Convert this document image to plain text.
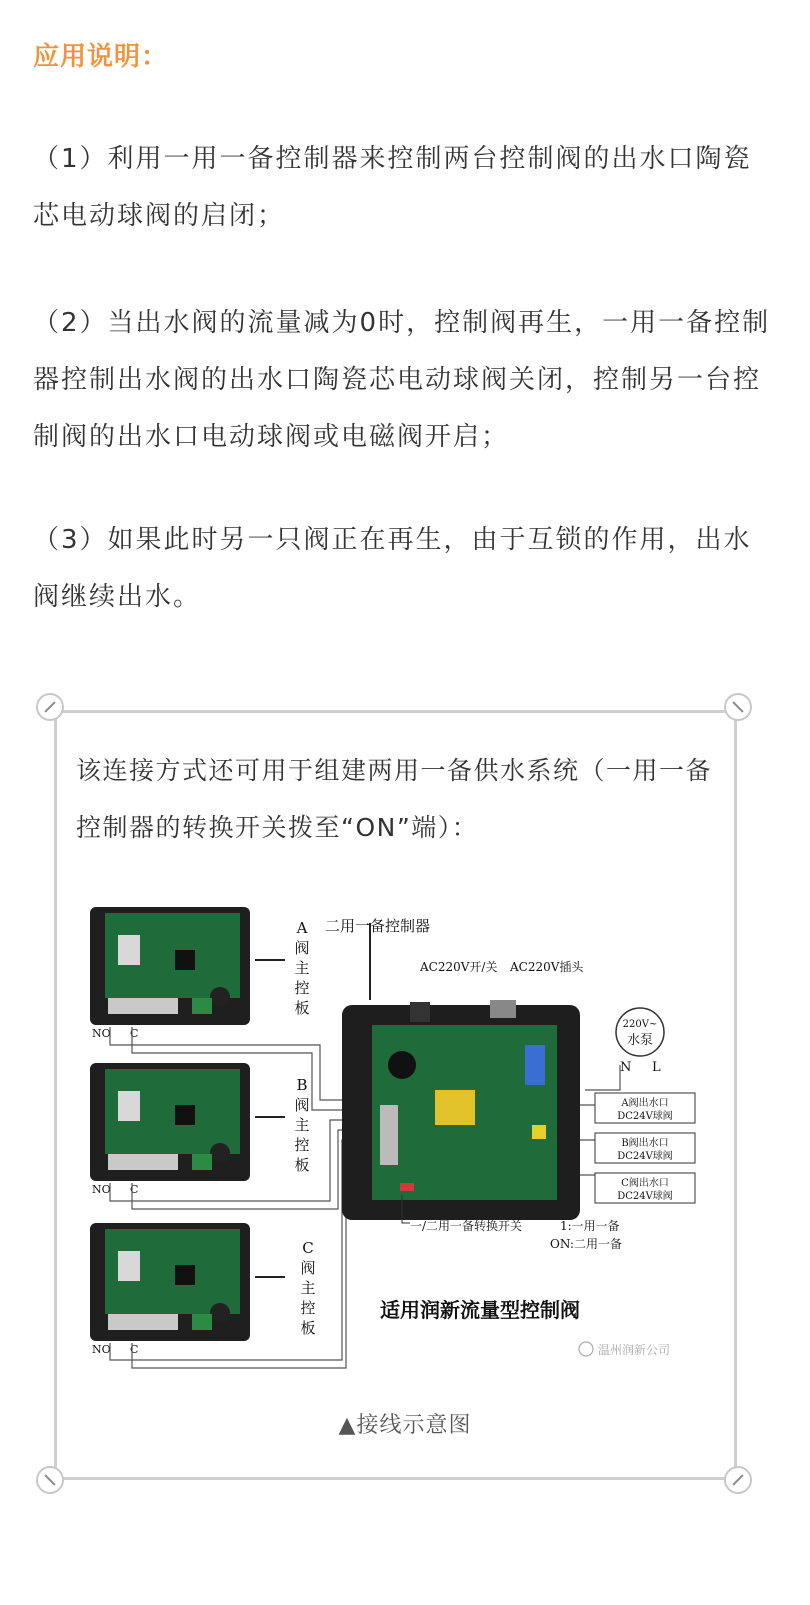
应用说明：
（1）利用一用一备控制器来控制两台控制阀的出水口陶瓷芯电动球阀的启闭；
（2）当出水阀的流量减为0时，控制阀再生，一用一备控制器控制出水阀的出水口陶瓷芯电动球阀关闭，控制另一台控制阀的出水口电动球阀或电磁阀开启；
（3）如果此时另一只阀正在再生，由于互锁的作用，出水阀继续出水。
该连接方式还可用于组建两用一备供水系统（一用一备控制器的转换开关拨至“ON”端）：
A
阀
主
控
板
B
阀
主
控
板
C
阀
主
控
板
NO C
NO C
NO C
220V~
水泵
N L
二用一备控制器
AC220V开/关 AC220V插头
A阀出水口
DC24V球阀
B阀出水口
DC24V球阀
C阀出水口
DC24V球阀
一/二用一备转换开关	1:一用一备
ON:二用一备
适用润新流量型控制阀
温州润新公司
▲接线示意图
